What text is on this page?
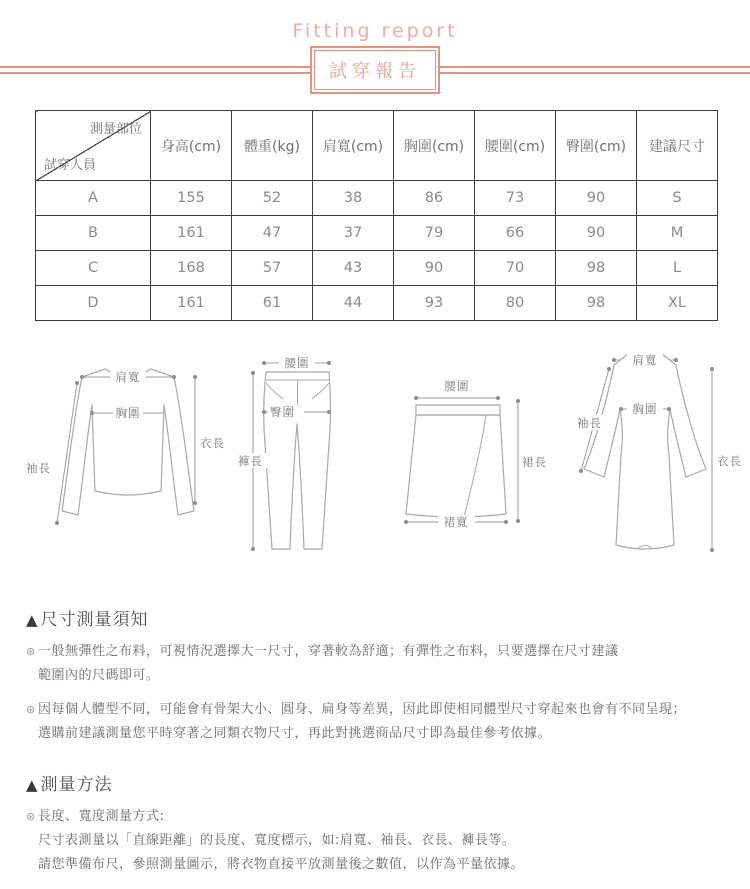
Fitting report
試穿報告
測量部位
試穿人員	身高(cm)	體重(kg)	肩寬(cm)	胸圍(cm)	腰圍(cm)	臀圍(cm)	建議尺寸
A	155	52	38	86	73	90	S
B	161	47	37	79	66	90	M
C	168	57	43	90	70	98	L
D	161	61	44	93	80	98	XL
肩寬
胸圍
袖長
衣長
腰圍
臀圍
褲長
腰圍
裙長
裙寬
肩寬
胸圍
袖長
衣長
▲ 尺寸測量須知
⊛ 一般無彈性之布料，可視情況選擇大一尺寸，穿著較為舒適；有彈性之布料，只要選擇在尺寸建議
範圍內的尺碼即可。
⊛ 因每個人體型不同，可能會有骨架大小、圓身、扁身等差異，因此即使相同體型尺寸穿起來也會有不同呈現；
選購前建議測量您平時穿著之同類衣物尺寸，再此對挑選商品尺寸即為最佳參考依據。
▲ 測量方法
⊛ 長度、寬度測量方式:
尺寸表測量以「直線距離」的長度、寬度標示，如:肩寬、袖長、衣長、褲長等。
請您準備布尺，參照測量圖示，將衣物直接平放測量後之數值，以作為平量依據。
